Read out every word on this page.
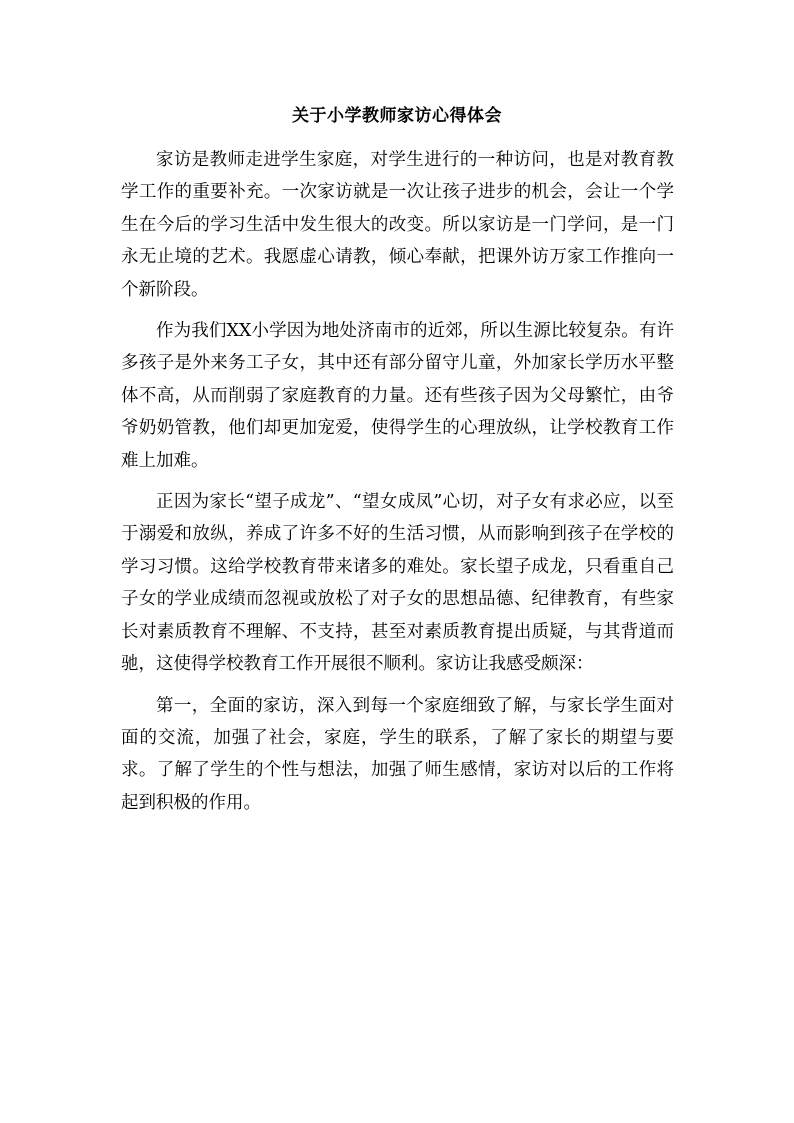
关于小学教师家访心得体会

家访是教师走进学生家庭，对学生进行的一种访问，也是对教育教学工作的重要补充。一次家访就是一次让孩子进步的机会，会让一个学生在今后的学习生活中发生很大的改变。所以家访是一门学问，是一门永无止境的艺术。我愿虚心请教，倾心奉献，把课外访万家工作推向一个新阶段。

作为我们XX小学因为地处济南市的近郊，所以生源比较复杂。有许多孩子是外来务工子女，其中还有部分留守儿童，外加家长学历水平整体不高，从而削弱了家庭教育的力量。还有些孩子因为父母繁忙，由爷爷奶奶管教，他们却更加宠爱，使得学生的心理放纵，让学校教育工作难上加难。

正因为家长“望子成龙”、“望女成凤”心切，对子女有求必应，以至于溺爱和放纵，养成了许多不好的生活习惯，从而影响到孩子在学校的学习习惯。这给学校教育带来诸多的难处。家长望子成龙，只看重自己子女的学业成绩而忽视或放松了对子女的思想品德、纪律教育，有些家长对素质教育不理解、不支持，甚至对素质教育提出质疑，与其背道而驰，这使得学校教育工作开展很不顺利。家访让我感受颇深：

第一，全面的家访，深入到每一个家庭细致了解，与家长学生面对面的交流，加强了社会，家庭，学生的联系，了解了家长的期望与要求。了解了学生的个性与想法，加强了师生感情，家访对以后的工作将起到积极的作用。
